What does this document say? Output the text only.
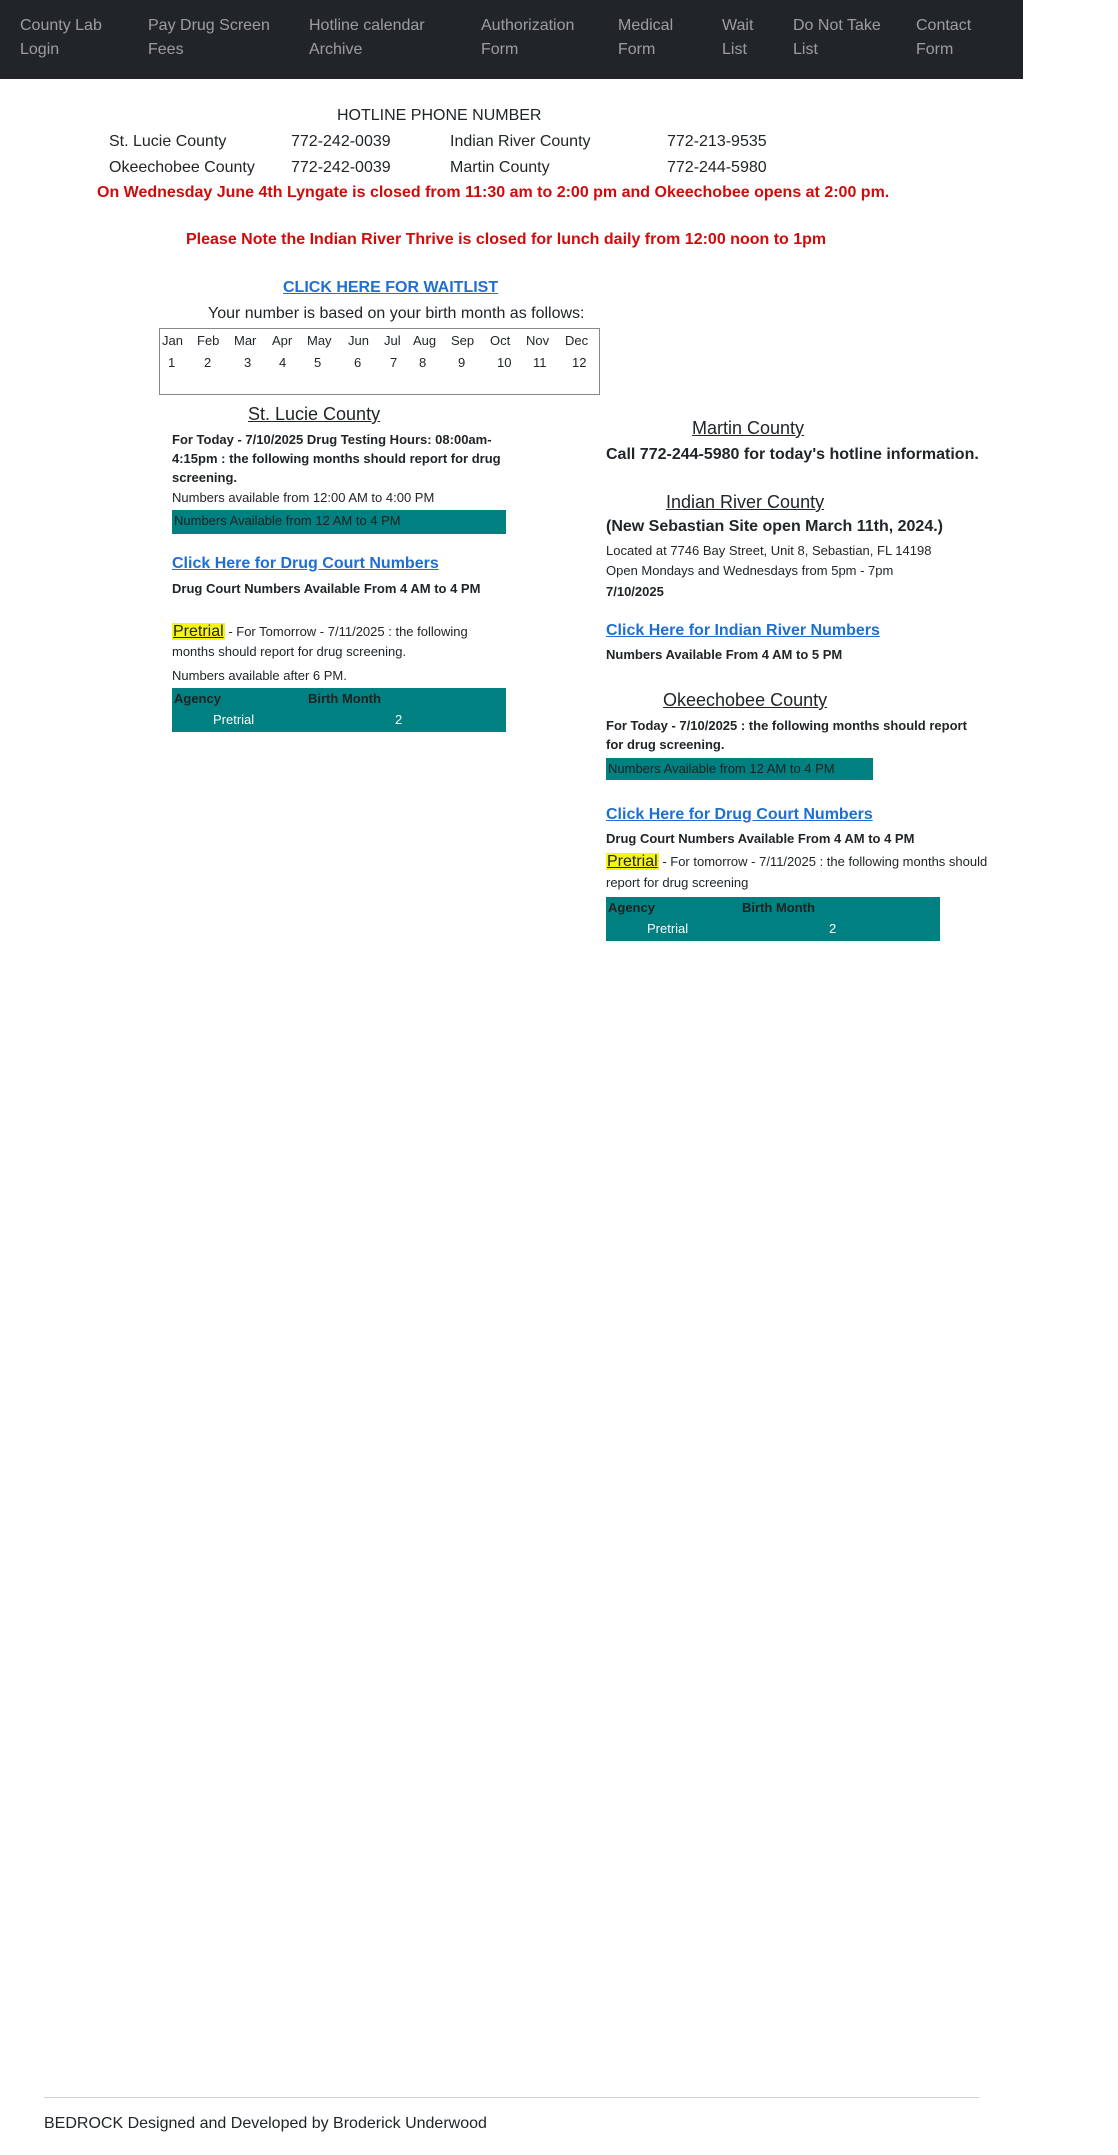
County Lab Login
Pay Drug Screen Fees
Hotline calendar Archive
Authorization Form
Medical Form
Wait List
Do Not Take List
Contact Form
HOTLINE PHONE NUMBER
St. Lucie County	772-242-0039	Indian River County	772-213-9535
Okeechobee County 772-242-0039	Martin County	772-244-5980
On Wednesday June 4th Lyngate is closed from 11:30 am to 2:00 pm and Okeechobee opens at 2:00 pm.
Please Note the Indian River Thrive is closed for lunch daily from 12:00 noon to 1pm
CLICK HERE FOR WAITLIST
Your number is based on your birth month as follows:
Jan Feb Mar Apr May Jun Jul Aug Sep Oct Nov Dec
1 2	3 4 5	6 7 8 9 10 11 12
St. Lucie County
For Today - 7/10/2025 Drug Testing Hours: 08:00am-4:15pm : the following months should report for drug screening.
Numbers available from 12:00 AM to 4:00 PM
Numbers Available from 12 AM to 4 PM
Click Here for Drug Court Numbers
Drug Court Numbers Available From 4 AM to 4 PM
Pretrial - For Tomorrow - 7/11/2025 : the following months should report for drug screening.
Numbers available after 6 PM.
Agency	Birth Month
Pretrial	2
Martin County
Call 772-244-5980 for today's hotline information.
Indian River County
(New Sebastian Site open March 11th, 2024.)
Located at 7746 Bay Street, Unit 8, Sebastian, FL 14198
Open Mondays and Wednesdays from 5pm - 7pm
7/10/2025
Click Here for Indian River Numbers
Numbers Available From 4 AM to 5 PM
Okeechobee County
For Today - 7/10/2025 : the following months should report for drug screening.
Numbers Available from 12 AM to 4 PM
Click Here for Drug Court Numbers
Drug Court Numbers Available From 4 AM to 4 PM
Pretrial - For tomorrow - 7/11/2025 : the following months should report for drug screening
Agency	Birth Month
Pretrial	2
BEDROCK Designed and Developed by Broderick Underwood
